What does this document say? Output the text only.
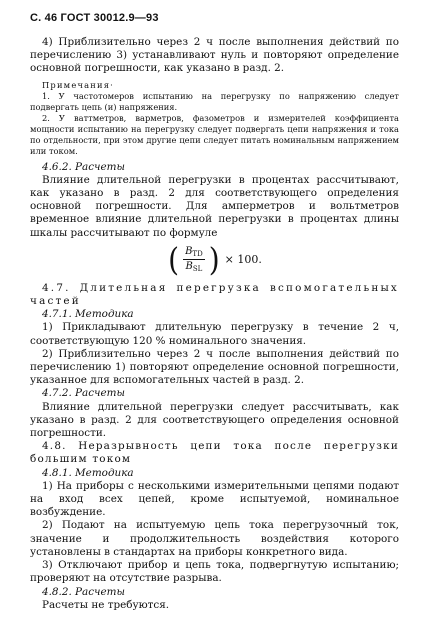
С. 46 ГОСТ 30012.9—93

4) Приблизительно через 2 ч после выполнения действий по перечислению 3) устанавливают нуль и повторяют определение основной погрешности, как указано в разд. 2.

Примечания·

1. У частотомеров испытанию на перегрузку по напряжению следует подвергать цепь (и) напряжения.

2. У ваттметров, варметров, фазометров и измерителей коэффициента мощности испытанию на перегрузку следует подвергать цепи напряжения и тока по отдельности, при этом другие цепи следует питать номинальным напряжением или током.

4.6.2. Расчеты

Влияние длительной перегрузки в процентах рассчитывают, как указано в разд. 2 для соответствующего определения основной погрешности. Для амперметров и вольтметров временное влияние длительной перегрузки в процентах длины шкалы рассчитывают по формуле

( $\frac{B_{TD}}{B_{SL}}$ ) × 100.

4.7. Длительная перегрузка вспомогательных частей

4.7.1. Методика

1) Прикладывают длительную перегрузку в течение 2 ч, соответствующую 120 % номинального значения.

2) Приблизительно через 2 ч после выполнения действий по перечислению 1) повторяют определение основной погрешности, указанное для вспомогательных частей в разд. 2.

4.7.2. Расчеты

Влияние длительной перегрузки следует рассчитывать, как указано в разд. 2 для соответствующего определения основной погрешности.

4.8. Неразрывность цепи тока после перегрузки большим током

4.8.1. Методика

1) На приборы с несколькими измерительными цепями подают на вход всех цепей, кроме испытуемой, номинальное возбуждение.

2) Подают на испытуемую цепь тока перегрузочный ток, значение и продолжительность воздействия которого установлены в стандартах на приборы конкретного вида.

3) Отключают прибор и цепь тока, подвергнутую испытанию; проверяют на отсутствие разрыва.

4.8.2. Расчеты

Расчеты не требуются.
